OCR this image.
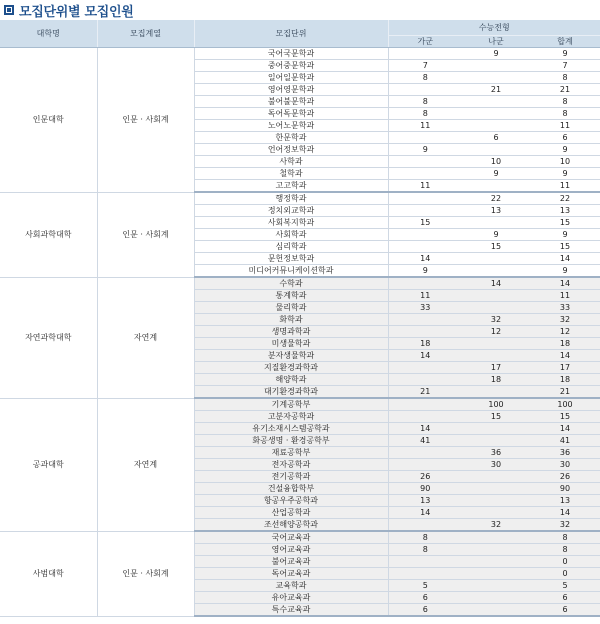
모집단위별 모집인원
대학명	모집계열	모집단위	수능전형		
			가군	나군	합계
인문대학	인문 · 사회계	국어국문학과		9	9
		중어중문학과	7		7
		일어일문학과	8		8
		영어영문학과		21	21
		불어불문학과	8		8
		독어독문학과	8		8
		노어노문학과	11		11
		한문학과		6	6
		언어정보학과	9		9
		사학과		10	10
		철학과		9	9
		고고학과	11		11
사회과학대학	인문 · 사회계	행정학과		22	22
		정치외교학과		13	13
		사회복지학과	15		15
		사회학과		9	9
		심리학과		15	15
		문헌정보학과	14		14
		미디어커뮤니케이션학과	9		9
자연과학대학	자연계	수학과		14	14
		통계학과	11		11
		물리학과	33		33
		화학과		32	32
		생명과학과		12	12
		미생물학과	18		18
		분자생물학과	14		14
		지질환경과학과		17	17
		해양학과		18	18
		대기환경과학과	21		21
공과대학	자연계	기계공학부		100	100
		고분자공학과		15	15
		유기소재시스템공학과	14		14
		화공생명 · 환경공학부	41		41
		재료공학부		36	36
		전자공학과		30	30
		전기공학과	26		26
		건설융합학부	90		90
		항공우주공학과	13		13
		산업공학과	14		14
		조선해양공학과		32	32
사범대학	인문 · 사회계	국어교육과	8		8
		영어교육과	8		8
		불어교육과			0
		독어교육과			0
		교육학과	5		5
		유아교육과	6		6
		특수교육과	6		6
